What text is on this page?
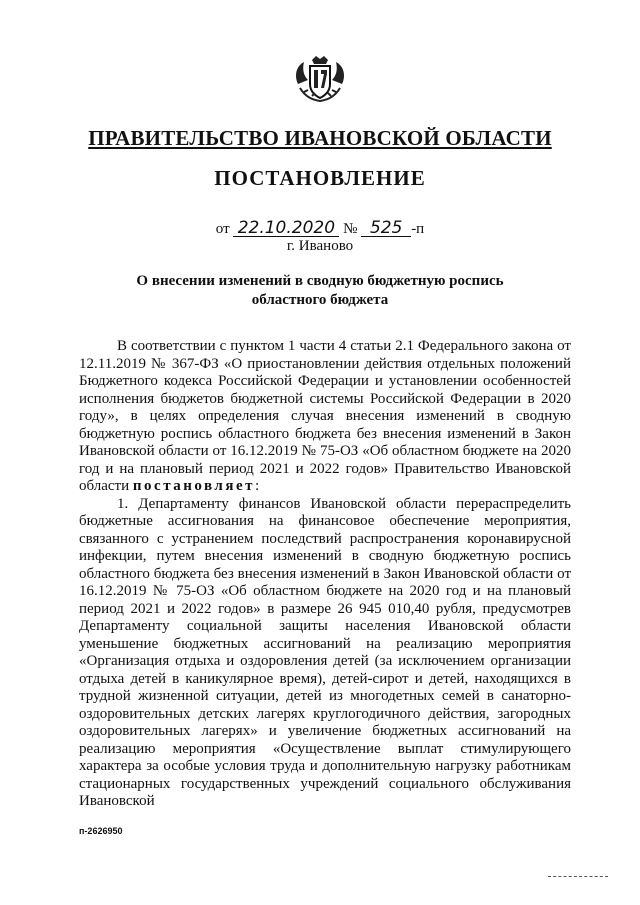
ПРАВИТЕЛЬСТВО ИВАНОВСКОЙ ОБЛАСТИ
ПОСТАНОВЛЕНИЕ
от 22.10.2020 № 525 -п
г. Иваново
О внесении изменений в сводную бюджетную роспись областного бюджета

В соответствии с пунктом 1 части 4 статьи 2.1 Федерального закона от 12.11.2019 № 367-ФЗ «О приостановлении действия отдельных положений Бюджетного кодекса Российской Федерации и установлении особенностей исполнения бюджетов бюджетной системы Российской Федерации в 2020 году», в целях определения случая внесения изменений в сводную бюджетную роспись областного бюджета без внесения изменений в Закон Ивановской области от 16.12.2019 № 75-ОЗ «Об областном бюджете на 2020 год и на плановый период 2021 и 2022 годов» Правительство Ивановской области постановляет:

1. Департаменту финансов Ивановской области перераспределить бюджетные ассигнования на финансовое обеспечение мероприятия, связанного с устранением последствий распространения коронавирусной инфекции, путем внесения изменений в сводную бюджетную роспись областного бюджета без внесения изменений в Закон Ивановской области от 16.12.2019 № 75-ОЗ «Об областном бюджете на 2020 год и на плановый период 2021 и 2022 годов» в размере 26 945 010,40 рубля, предусмотрев Департаменту социальной защиты населения Ивановской области уменьшение бюджетных ассигнований на реализацию мероприятия «Организация отдыха и оздоровления детей (за исключением организации отдыха детей в каникулярное время), детей-сирот и детей, находящихся в трудной жизненной ситуации, детей из многодетных семей в санаторно-оздоровительных детских лагерях круглогодичного действия, загородных оздоровительных лагерях» и увеличение бюджетных ассигнований на реализацию мероприятия «Осуществление выплат стимулирующего характера за особые условия труда и дополнительную нагрузку работникам стационарных государственных учреждений социального обслуживания Ивановской

п-2626950
